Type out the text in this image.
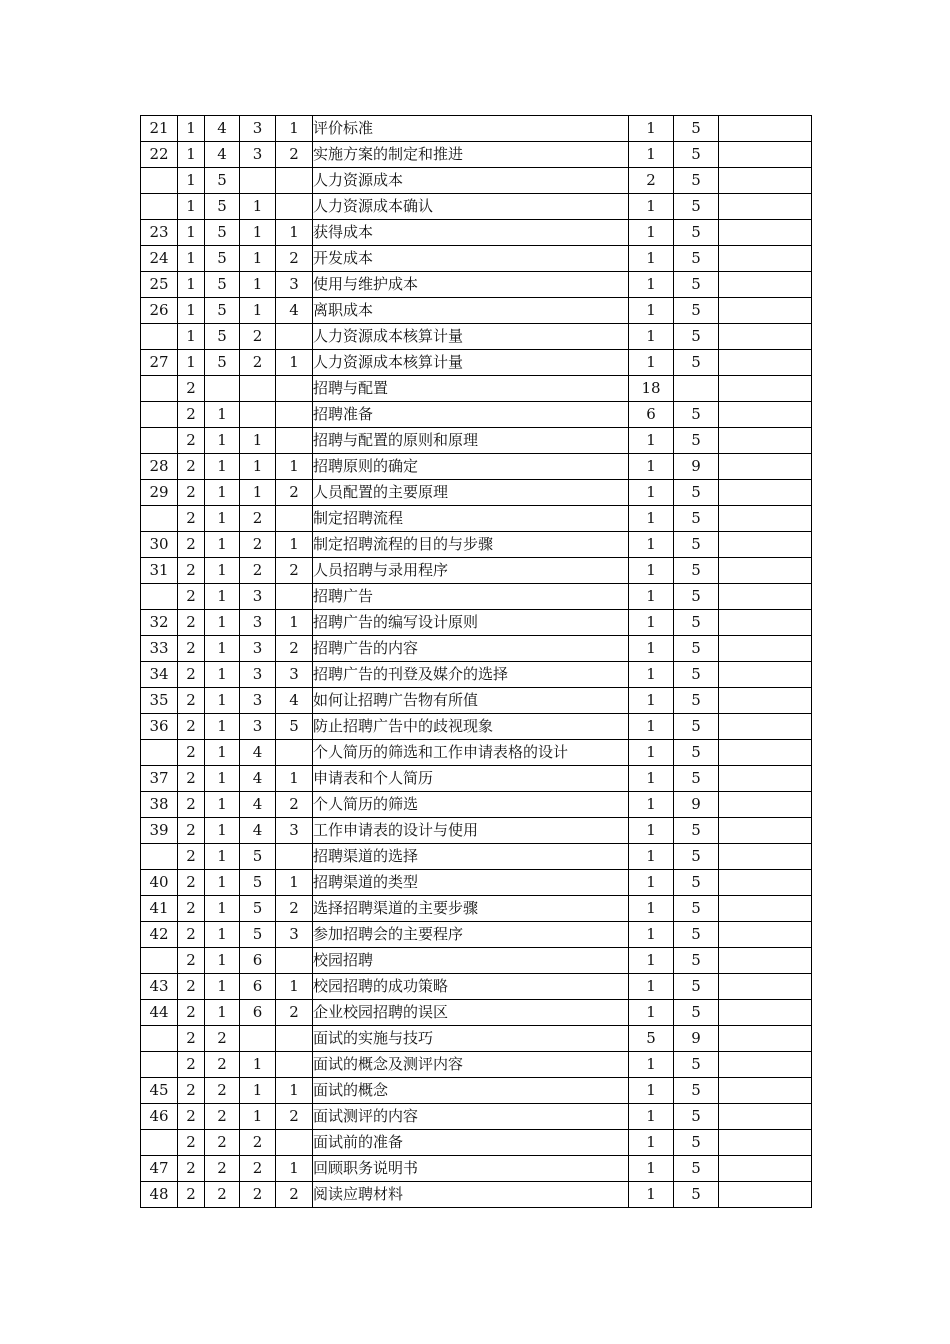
21	1	4	3	1	评价标准	1	5	
22	1	4	3	2	实施方案的制定和推进	1	5	
	1	5			人力资源成本	2	5	
	1	5	1		人力资源成本确认	1	5	
23	1	5	1	1	获得成本	1	5	
24	1	5	1	2	开发成本	1	5	
25	1	5	1	3	使用与维护成本	1	5	
26	1	5	1	4	离职成本	1	5	
	1	5	2		人力资源成本核算计量	1	5	
27	1	5	2	1	人力资源成本核算计量	1	5	
	2				招聘与配置	18		
	2	1			招聘准备	6	5	
	2	1	1		招聘与配置的原则和原理	1	5	
28	2	1	1	1	招聘原则的确定	1	9	
29	2	1	1	2	人员配置的主要原理	1	5	
	2	1	2		制定招聘流程	1	5	
30	2	1	2	1	制定招聘流程的目的与步骤	1	5	
31	2	1	2	2	人员招聘与录用程序	1	5	
	2	1	3		招聘广告	1	5	
32	2	1	3	1	招聘广告的编写设计原则	1	5	
33	2	1	3	2	招聘广告的内容	1	5	
34	2	1	3	3	招聘广告的刊登及媒介的选择	1	5	
35	2	1	3	4	如何让招聘广告物有所值	1	5	
36	2	1	3	5	防止招聘广告中的歧视现象	1	5	
	2	1	4		个人简历的筛选和工作申请表格的设计	1	5	
37	2	1	4	1	申请表和个人简历	1	5	
38	2	1	4	2	个人简历的筛选	1	9	
39	2	1	4	3	工作申请表的设计与使用	1	5	
	2	1	5		招聘渠道的选择	1	5	
40	2	1	5	1	招聘渠道的类型	1	5	
41	2	1	5	2	选择招聘渠道的主要步骤	1	5	
42	2	1	5	3	参加招聘会的主要程序	1	5	
	2	1	6		校园招聘	1	5	
43	2	1	6	1	校园招聘的成功策略	1	5	
44	2	1	6	2	企业校园招聘的误区	1	5	
	2	2			面试的实施与技巧	5	9	
	2	2	1		面试的概念及测评内容	1	5	
45	2	2	1	1	面试的概念	1	5	
46	2	2	1	2	面试测评的内容	1	5	
	2	2	2		面试前的准备	1	5	
47	2	2	2	1	回顾职务说明书	1	5	
48	2	2	2	2	阅读应聘材料	1	5	
